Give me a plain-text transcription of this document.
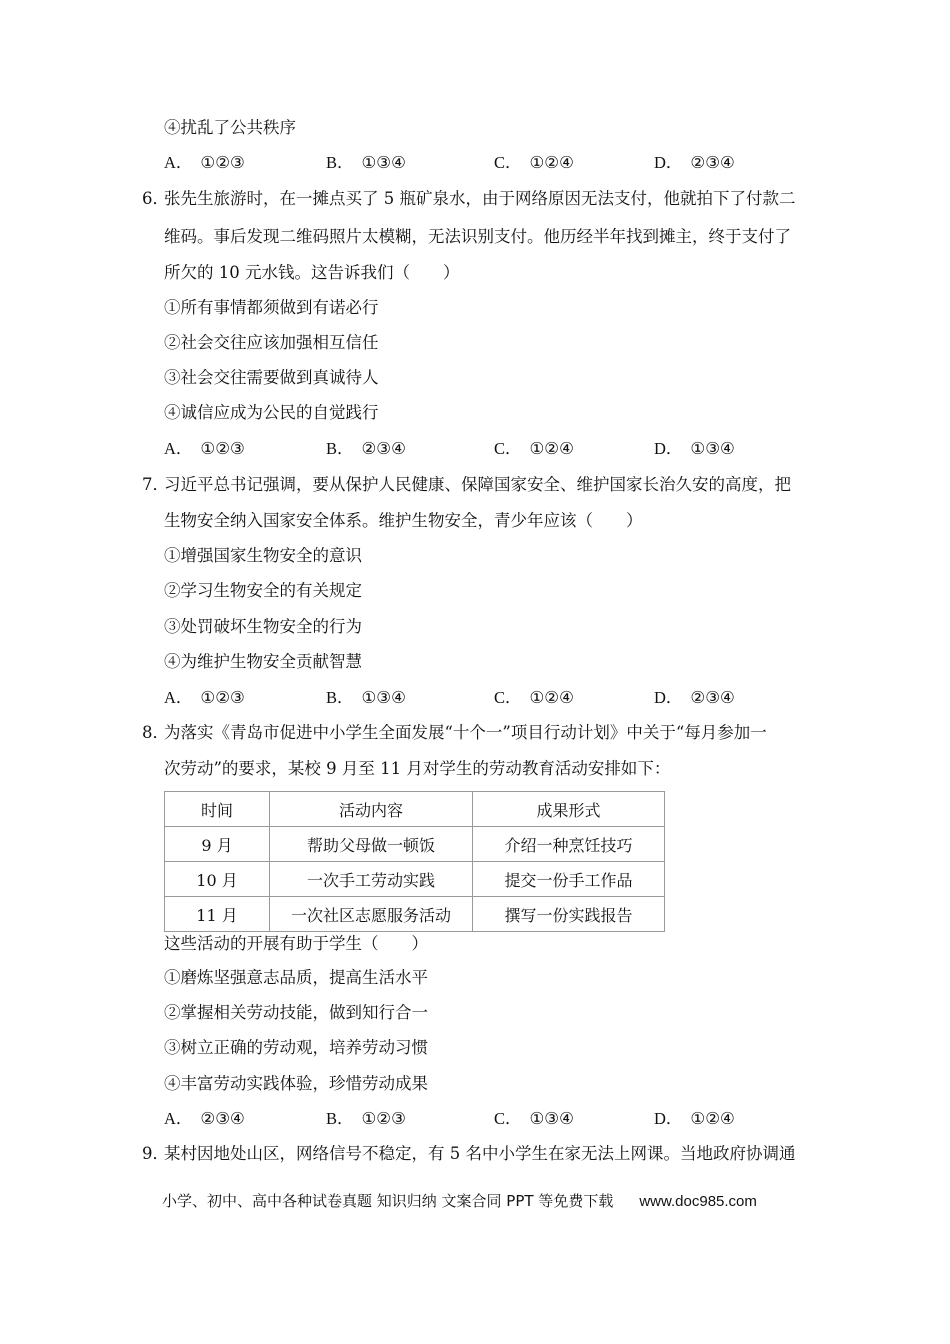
④扰乱了公共秩序
A． ①②③	B． ①③④	C． ①②④	D． ②③④
6．
张先生旅游时，在一摊点买了 5 瓶矿泉水，由于网络原因无法支付，他就拍下了付款二
维码。事后发现二维码照片太模糊，无法识别支付。他历经半年找到摊主，终于支付了
所欠的 10 元水钱。这告诉我们（　　）
①所有事情都须做到有诺必行
②社会交往应该加强相互信任
③社会交往需要做到真诚待人
④诚信应成为公民的自觉践行
A． ①②③	B． ②③④	C． ①②④	D． ①③④
7．
习近平总书记强调，要从保护人民健康、保障国家安全、维护国家长治久安的高度，把
生物安全纳入国家安全体系。维护生物安全，青少年应该（　　）
①增强国家生物安全的意识
②学习生物安全的有关规定
③处罚破坏生物安全的行为
④为维护生物安全贡献智慧
A． ①②③	B． ①③④	C． ①②④	D． ②③④
8．
为落实《青岛市促进中小学生全面发展“十个一”项目行动计划》中关于“每月参加一
次劳动”的要求，某校 9 月至 11 月对学生的劳动教育活动安排如下：
时间	活动内容	成果形式
9 月	帮助父母做一顿饭	介绍一种烹饪技巧
10 月	一次手工劳动实践	提交一份手工作品
11 月	一次社区志愿服务活动	撰写一份实践报告
这些活动的开展有助于学生（　　）
①磨炼坚强意志品质，提高生活水平
②掌握相关劳动技能，做到知行合一
③树立正确的劳动观，培养劳动习惯
④丰富劳动实践体验，珍惜劳动成果
A． ②③④	B． ①②③	C． ①③④	D． ①②④
9．
某村因地处山区，网络信号不稳定，有 5 名中小学生在家无法上网课。当地政府协调通
小学、初中、高中各种试卷真题 知识归纳 文案合同 PPT 等免费下载 www.doc985.com
